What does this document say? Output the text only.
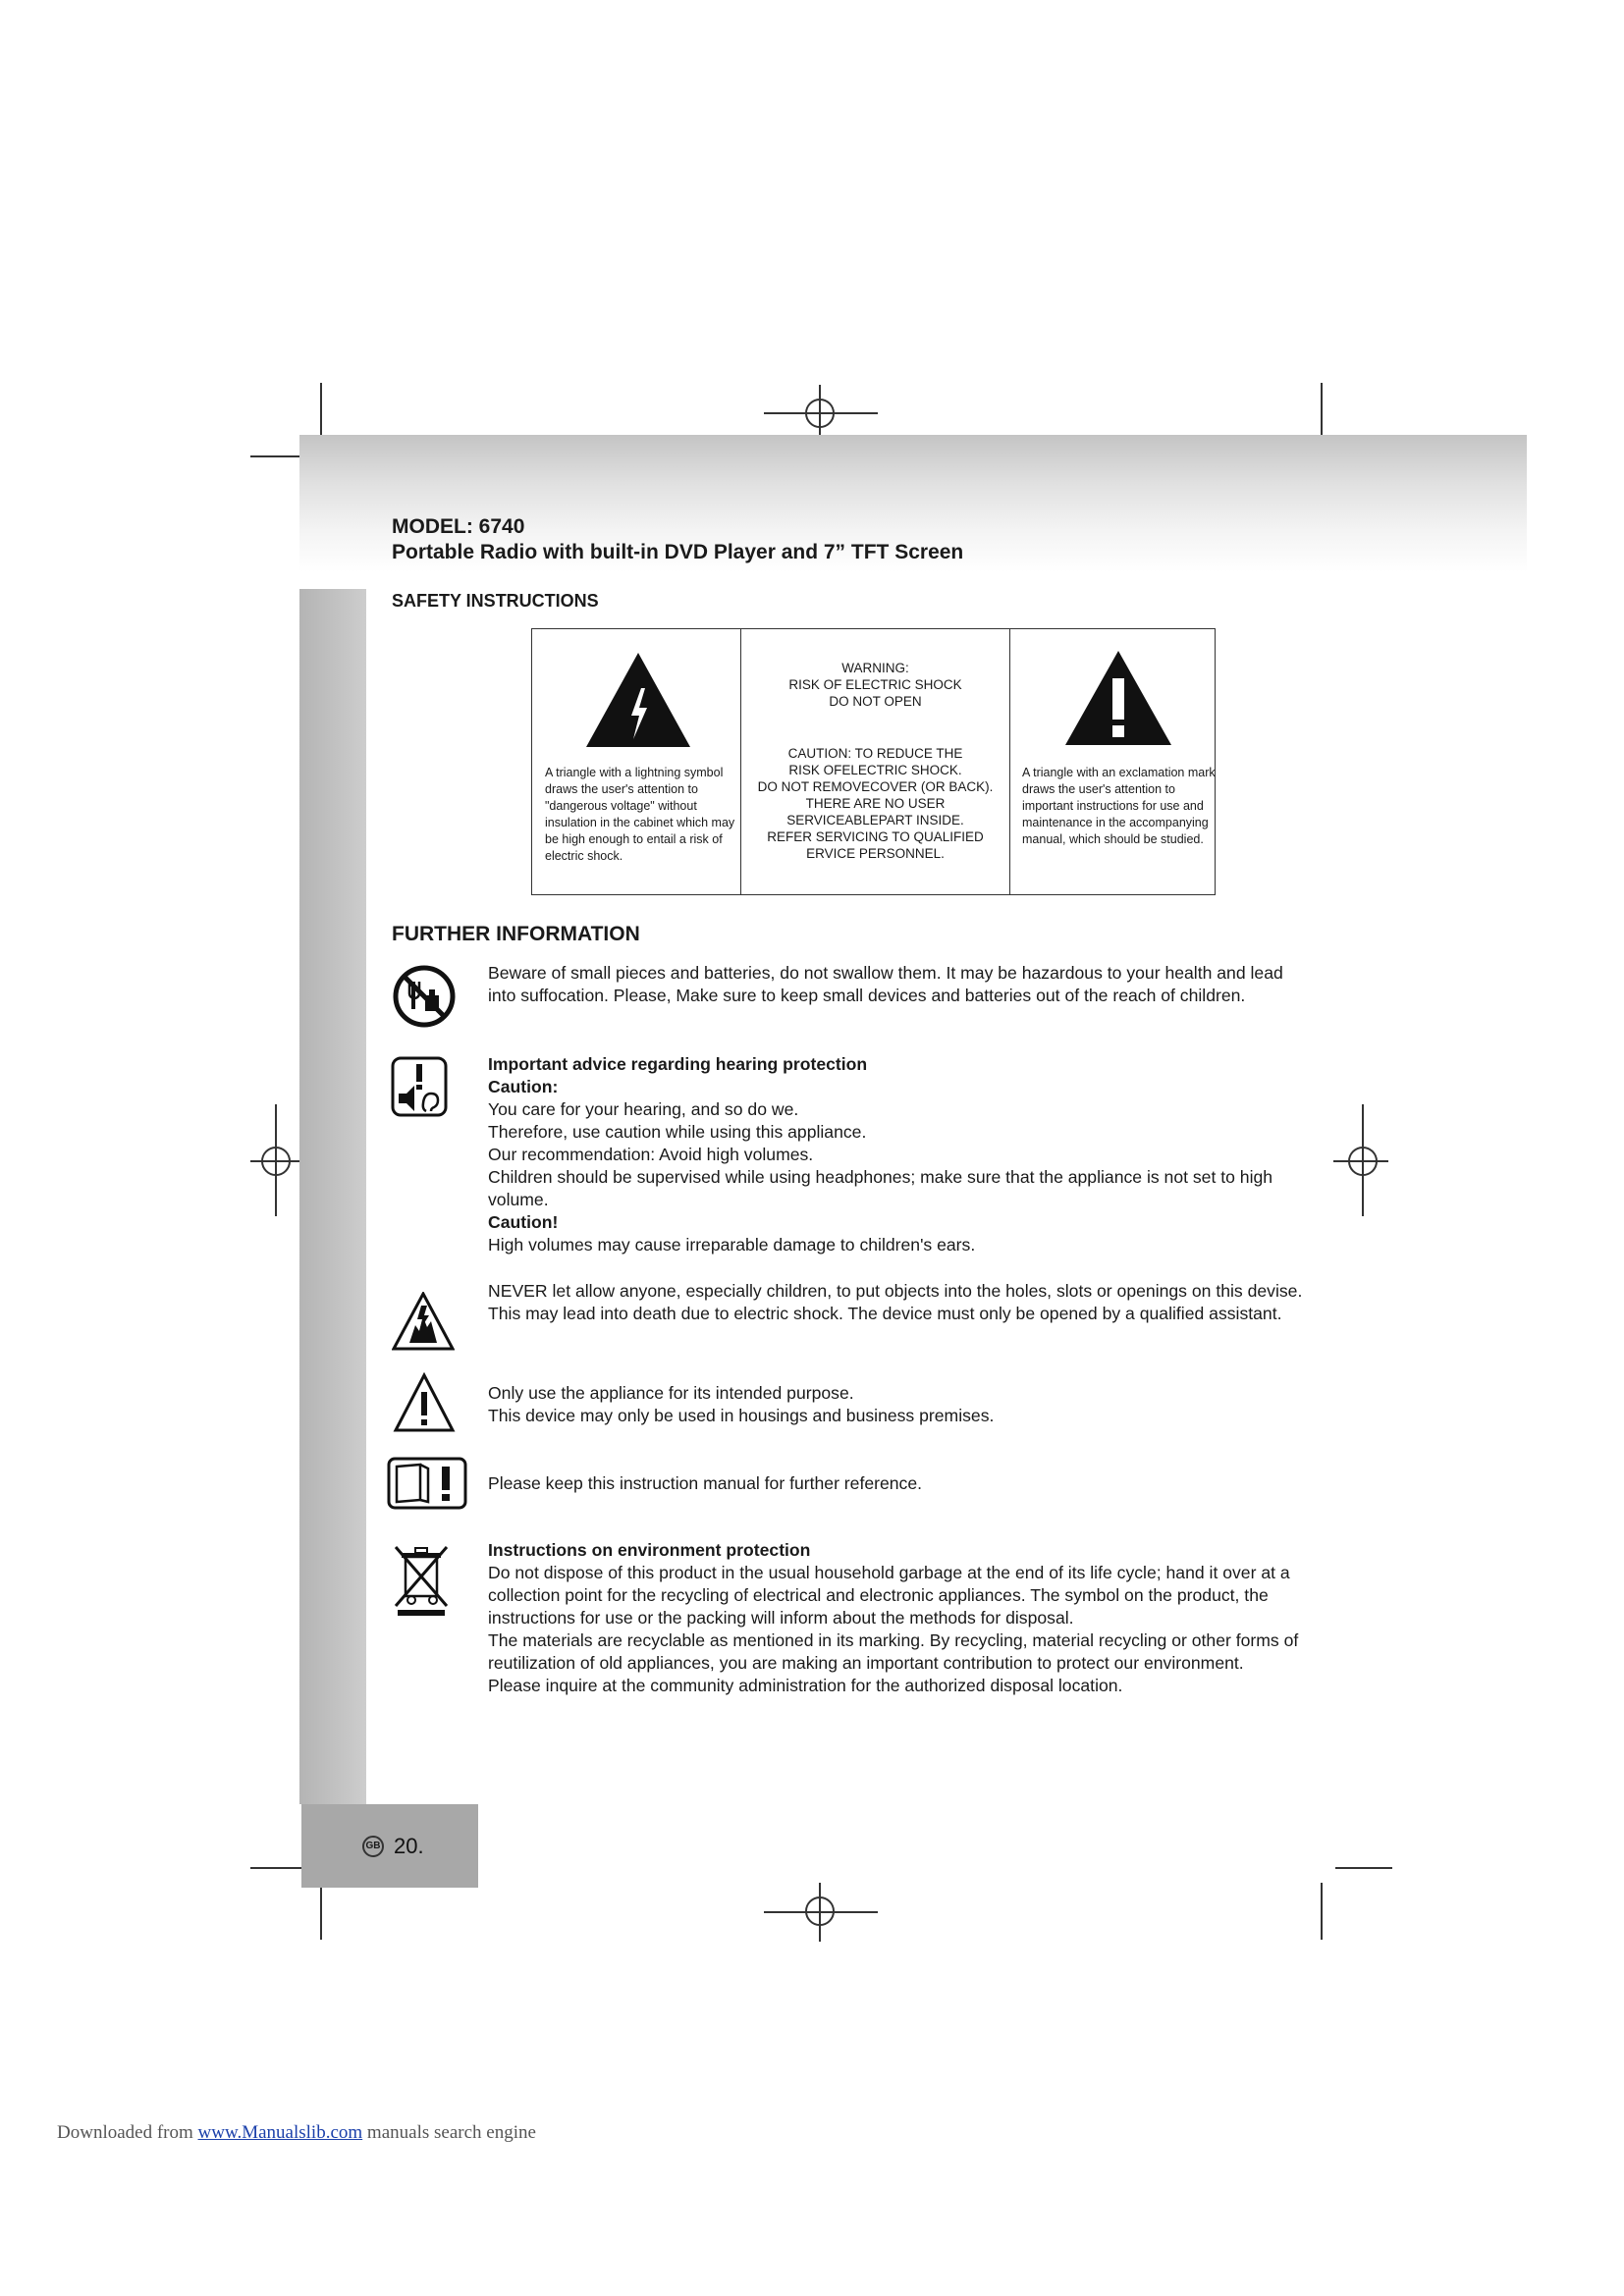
MODEL: 6740
Portable Radio with built-in DVD Player and 7” TFT Screen
SAFETY INSTRUCTIONS
A triangle with a lightning symbol draws the user's attention to "dangerous voltage" without insulation in the cabinet which may be high enough to entail a risk of electric shock.
WARNING:
RISK OF ELECTRIC SHOCK
DO NOT OPEN
CAUTION: TO REDUCE THE
RISK OFELECTRIC SHOCK.
DO NOT REMOVECOVER (OR BACK).
THERE ARE NO USER
SERVICEABLEPART INSIDE.
REFER SERVICING TO QUALIFIED
ERVICE PERSONNEL.
A triangle with an exclamation mark draws the user's attention to important instructions for use and maintenance in the accompanying manual, which should be studied.
FURTHER INFORMATION
Beware of small pieces and batteries, do not swallow them. It may be hazardous to your health and lead into suffocation. Please, Make sure to keep small devices and batteries out of the reach of children.
Important advice regarding hearing protection
Caution:
You care for your hearing, and so do we.
Therefore, use caution while using this appliance.
Our recommendation: Avoid high volumes.
Children should be supervised while using headphones; make sure that the appliance is not set to high volume.
Caution!
High volumes may cause irreparable damage to children's ears.
NEVER let allow anyone, especially children, to put objects into the holes, slots or openings on this devise. This may lead into death due to electric shock. The device must only be opened by a qualified assistant.
Only use the appliance for its intended purpose.
This device may only be used in housings and business premises.
Please keep this instruction manual for further reference.
Instructions on environment protection
Do not dispose of this product in the usual household garbage at the end of its life cycle; hand it over at a collection point for the recycling of electrical and electronic appliances. The symbol on the product, the instructions for use or the packing will inform about the methods for disposal.
The materials are recyclable as mentioned in its marking. By recycling, material recycling or other forms of reutilization of old appliances, you are making an important contribution to protect our environment.
Please inquire at the community administration for the authorized disposal location.
GB 20.
Downloaded from www.Manualslib.com manuals search engine
